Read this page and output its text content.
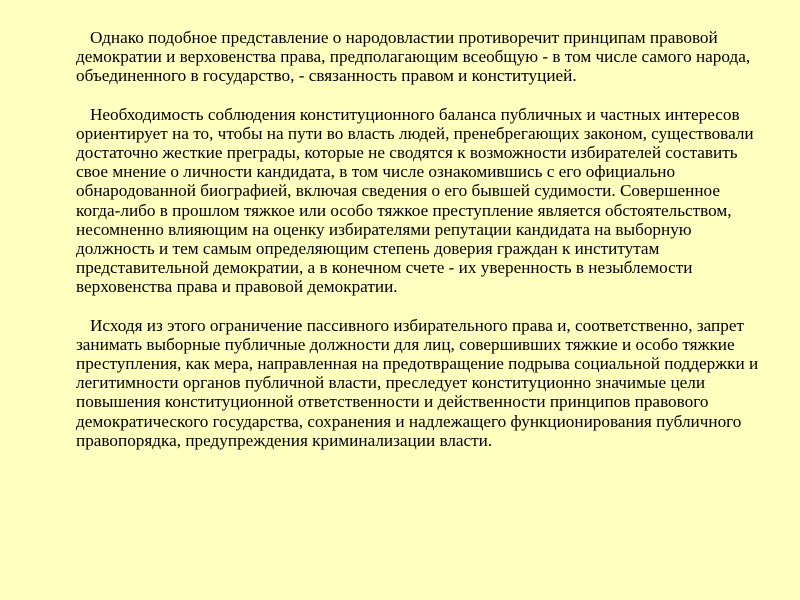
Однако подобное представление о народовластии противоречит принципам правовой демократии и верховенства права, предполагающим всеобщую - в том числе самого народа, объединенного в государство, - связанность правом и конституцией.

Необходимость соблюдения конституционного баланса публичных и частных интересов ориентирует на то, чтобы на пути во власть людей, пренебрегающих законом, существовали достаточно жесткие преграды, которые не сводятся к возможности избирателей составить свое мнение о личности кандидата, в том числе ознакомившись с его официально обнародованной биографией, включая сведения о его бывшей судимости. Совершенное когда-либо в прошлом тяжкое или особо тяжкое преступление является обстоятельством, несомненно влияющим на оценку избирателями репутации кандидата на выборную должность и тем самым определяющим степень доверия граждан к институтам представительной демократии, а в конечном счете - их уверенность в незыблемости верховенства права и правовой демократии.

Исходя из этого ограничение пассивного избирательного права и, соответственно, запрет занимать выборные публичные должности для лиц, совершивших тяжкие и особо тяжкие преступления, как мера, направленная на предотвращение подрыва социальной поддержки и легитимности органов публичной власти, преследует конституционно значимые цели повышения конституционной ответственности и действенности принципов правового демократического государства, сохранения и надлежащего функционирования публичного правопорядка, предупреждения криминализации власти.
